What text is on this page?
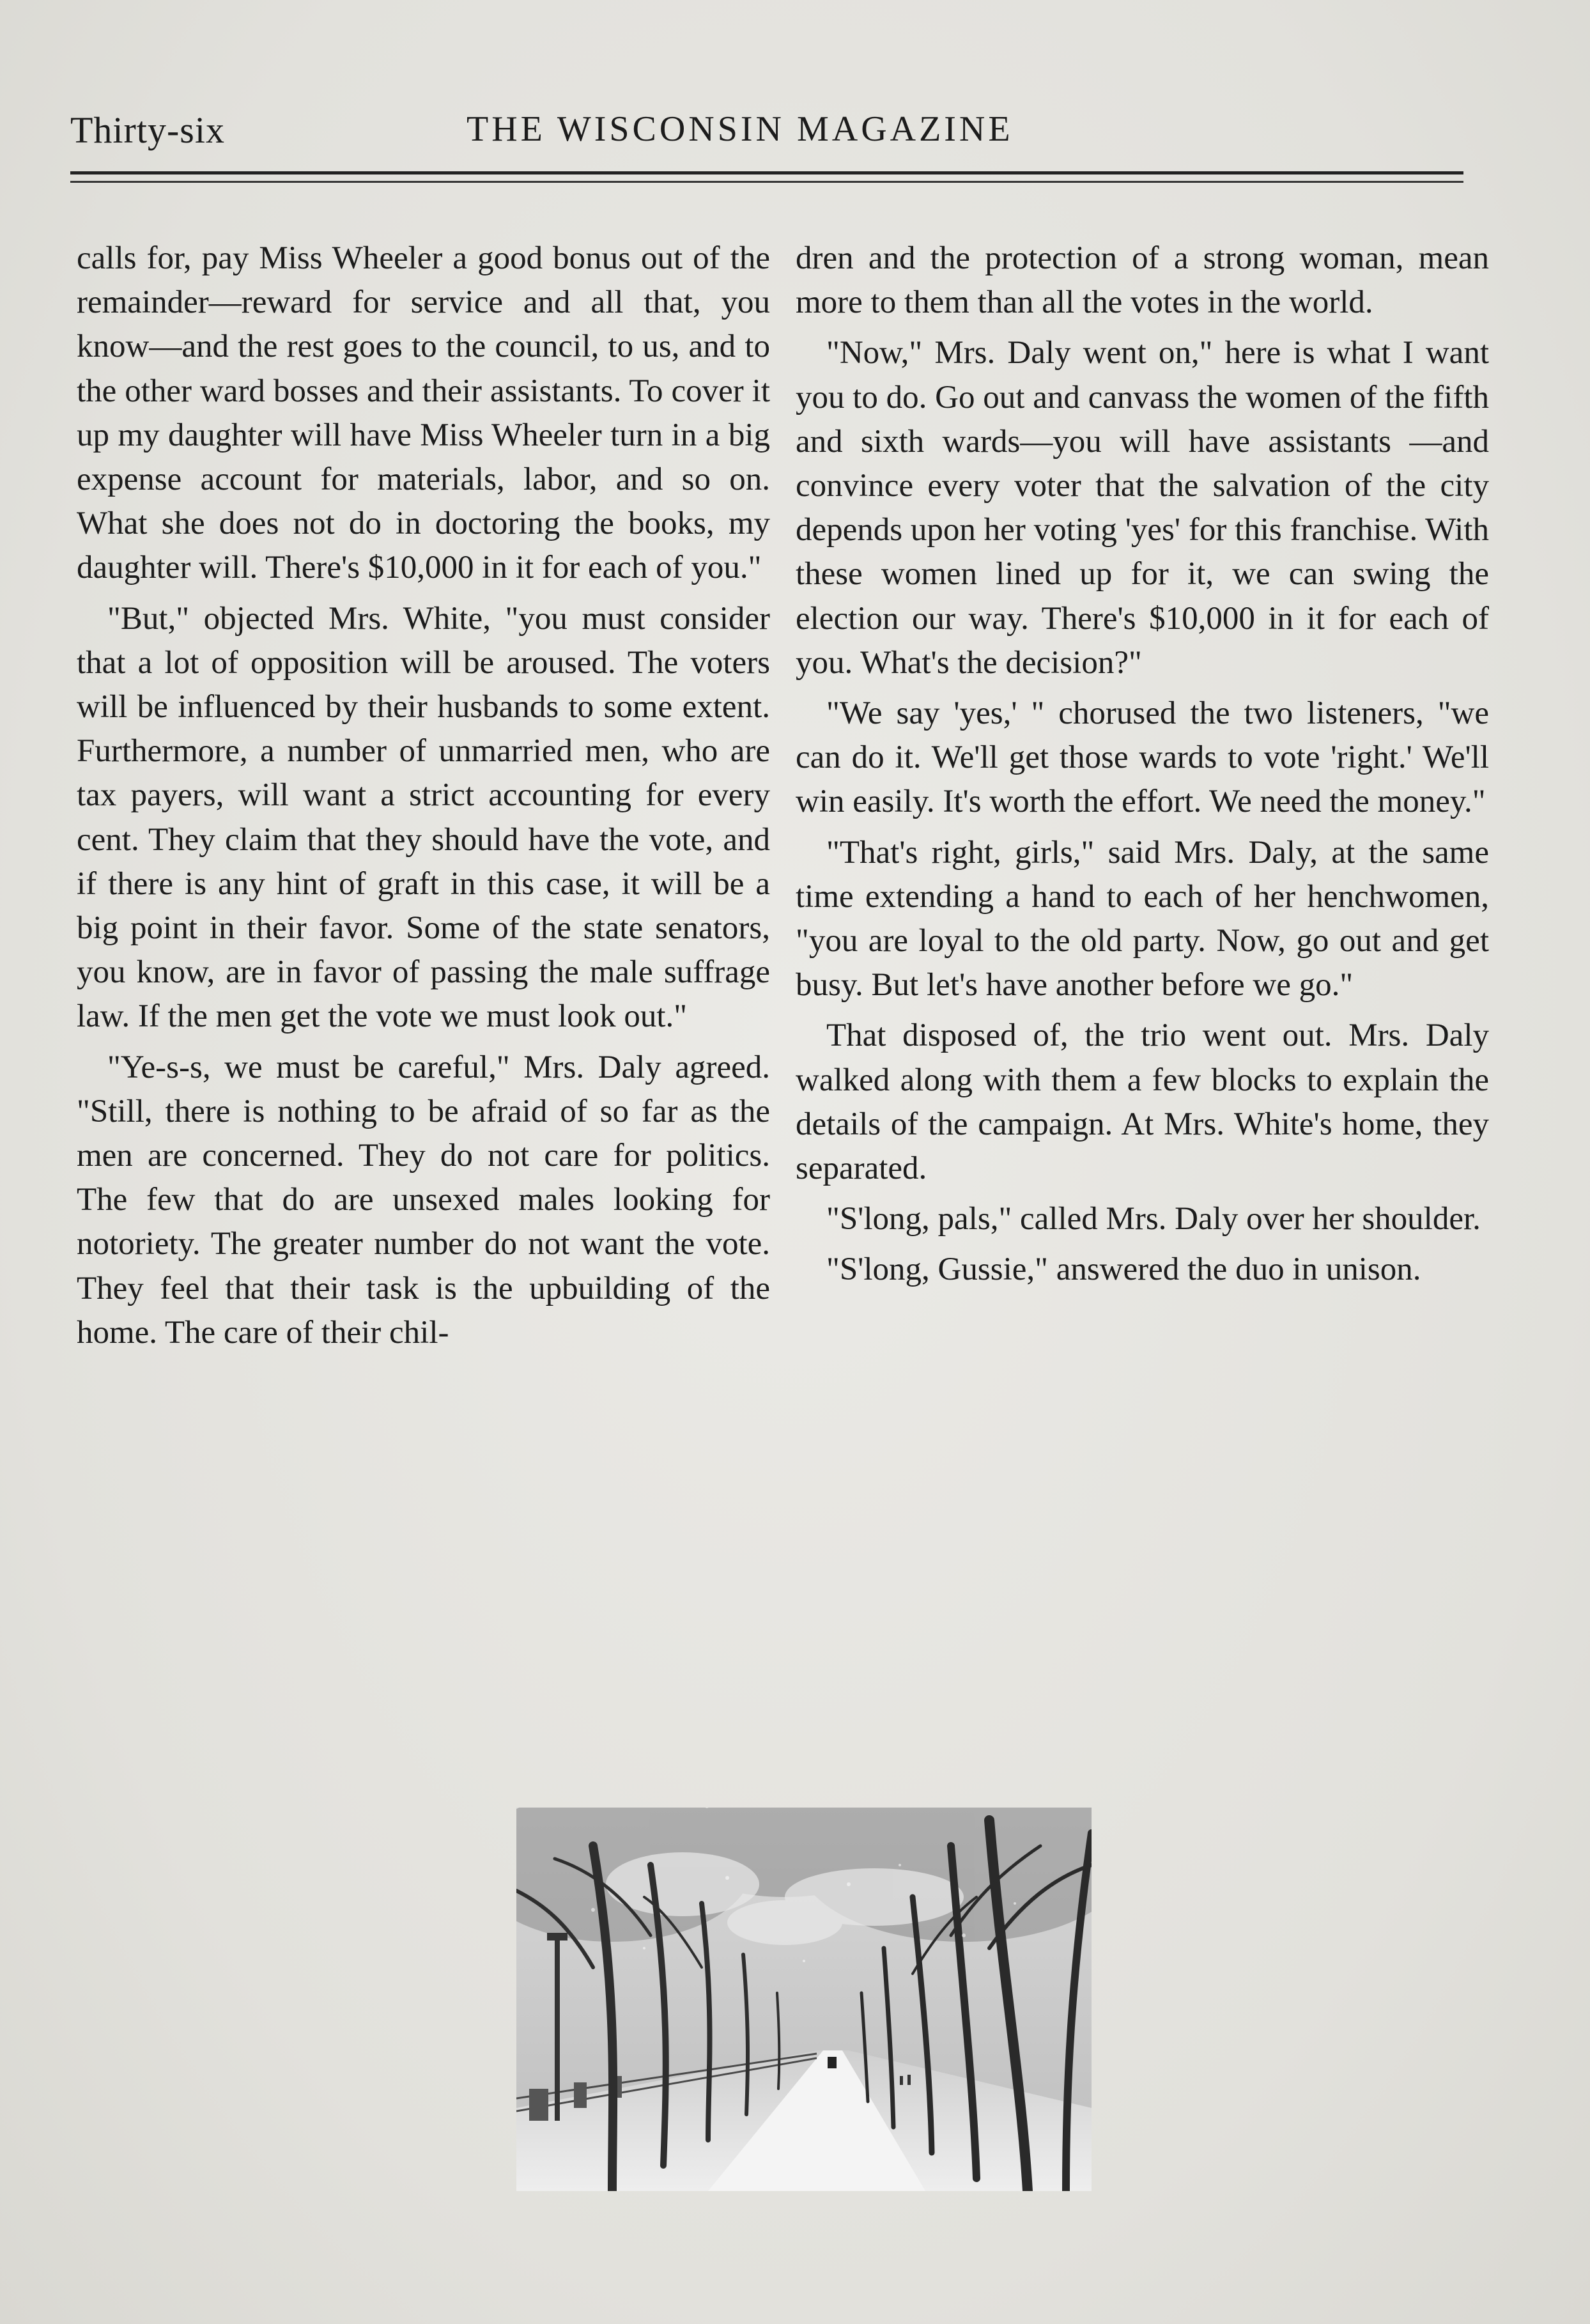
Thirty-six	THE WISCONSIN MAGAZINE

calls for, pay Miss Wheeler a good bonus out of the remainder—reward for service and all that, you know—and the rest goes to the council, to us, and to the other ward bosses and their assistants. To cover it up my daughter will have Miss Wheeler turn in a big expense account for materials, labor, and so on. What she does not do in doctoring the books, my daughter will. There's $10,000 in it for each of you."

"But," objected Mrs. White, "you must consider that a lot of opposition will be aroused. The voters will be influenced by their husbands to some extent. Furthermore, a number of unmarried men, who are tax payers, will want a strict accounting for every cent. They claim that they should have the vote, and if there is any hint of graft in this case, it will be a big point in their favor. Some of the state senators, you know, are in favor of passing the male suffrage law. If the men get the vote we must look out."

"Ye-s-s, we must be careful," Mrs. Daly agreed. "Still, there is nothing to be afraid of so far as the men are concerned. They do not care for politics. The few that do are unsexed males looking for notoriety. The greater number do not want the vote. They feel that their task is the upbuilding of the home. The care of their chil-

dren and the protection of a strong woman, mean more to them than all the votes in the world.

"Now," Mrs. Daly went on," here is what I want you to do. Go out and canvass the women of the fifth and sixth wards—you will have assistants —and convince every voter that the salvation of the city depends upon her voting 'yes' for this franchise. With these women lined up for it, we can swing the election our way. There's $10,000 in it for each of you. What's the decision?"

"We say 'yes,' " chorused the two listeners, "we can do it. We'll get those wards to vote 'right.' We'll win easily. It's worth the effort. We need the money."

"That's right, girls," said Mrs. Daly, at the same time extending a hand to each of her henchwomen, "you are loyal to the old party. Now, go out and get busy. But let's have another before we go."

That disposed of, the trio went out. Mrs. Daly walked along with them a few blocks to explain the details of the campaign. At Mrs. White's home, they separated.

"S'long, pals," called Mrs. Daly over her shoulder.

"S'long, Gussie," answered the duo in unison.
